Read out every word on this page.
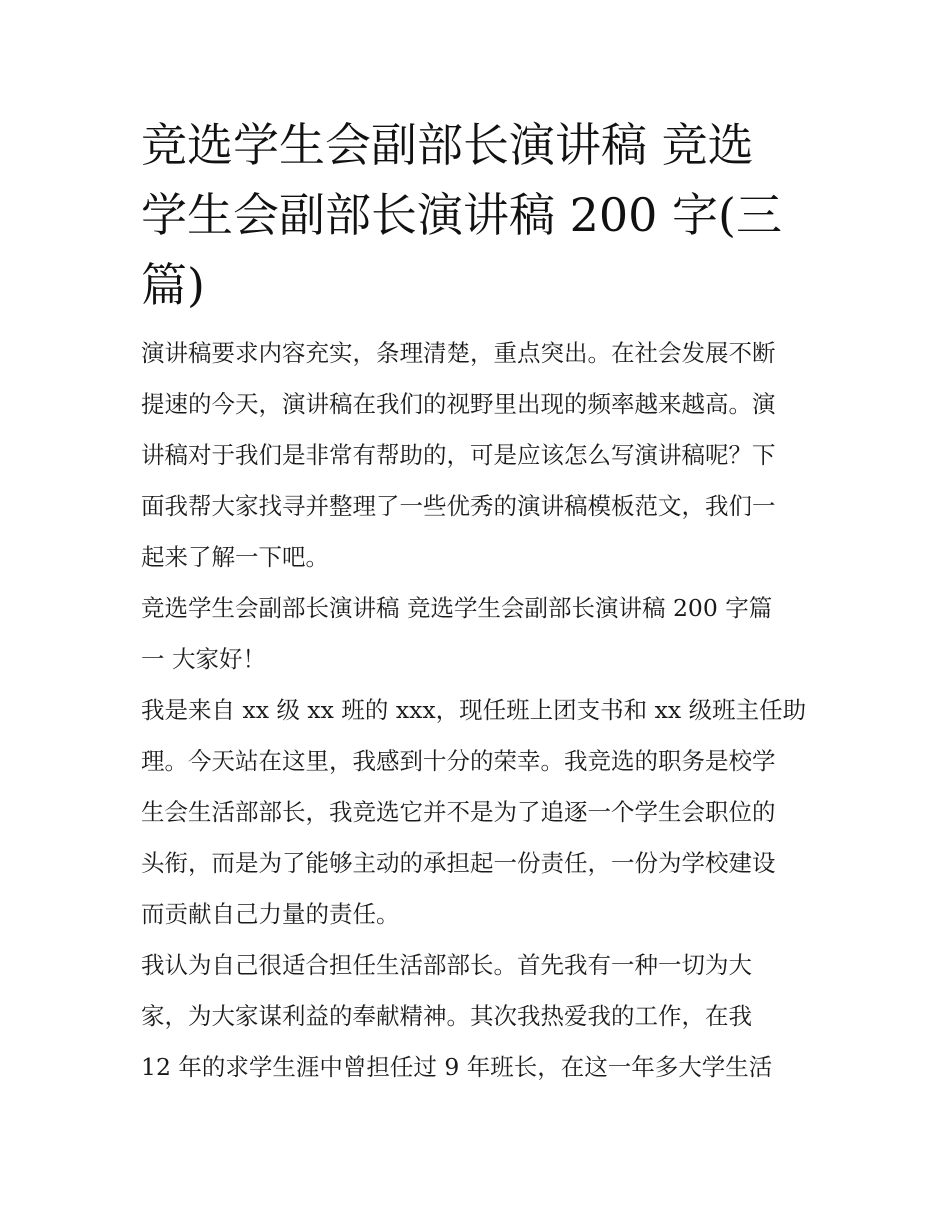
竞选学生会副部长演讲稿 竞选
学生会副部长演讲稿 200 字(三
篇)
演讲稿要求内容充实，条理清楚，重点突出。在社会发展不断
提速的今天，演讲稿在我们的视野里出现的频率越来越高。演
讲稿对于我们是非常有帮助的，可是应该怎么写演讲稿呢？下
面我帮大家找寻并整理了一些优秀的演讲稿模板范文，我们一
起来了解一下吧。
竞选学生会副部长演讲稿 竞选学生会副部长演讲稿 200 字篇
一 大家好！
我是来自 xx 级 xx 班的 xxx，现任班上团支书和 xx 级班主任助
理。今天站在这里，我感到十分的荣幸。我竞选的职务是校学
生会生活部部长，我竞选它并不是为了追逐一个学生会职位的
头衔，而是为了能够主动的承担起一份责任，一份为学校建设
而贡献自己力量的责任。
我认为自己很适合担任生活部部长。首先我有一种一切为大
家，为大家谋利益的奉献精神。其次我热爱我的工作，在我
12 年的求学生涯中曾担任过 9 年班长，在这一年多大学生活
